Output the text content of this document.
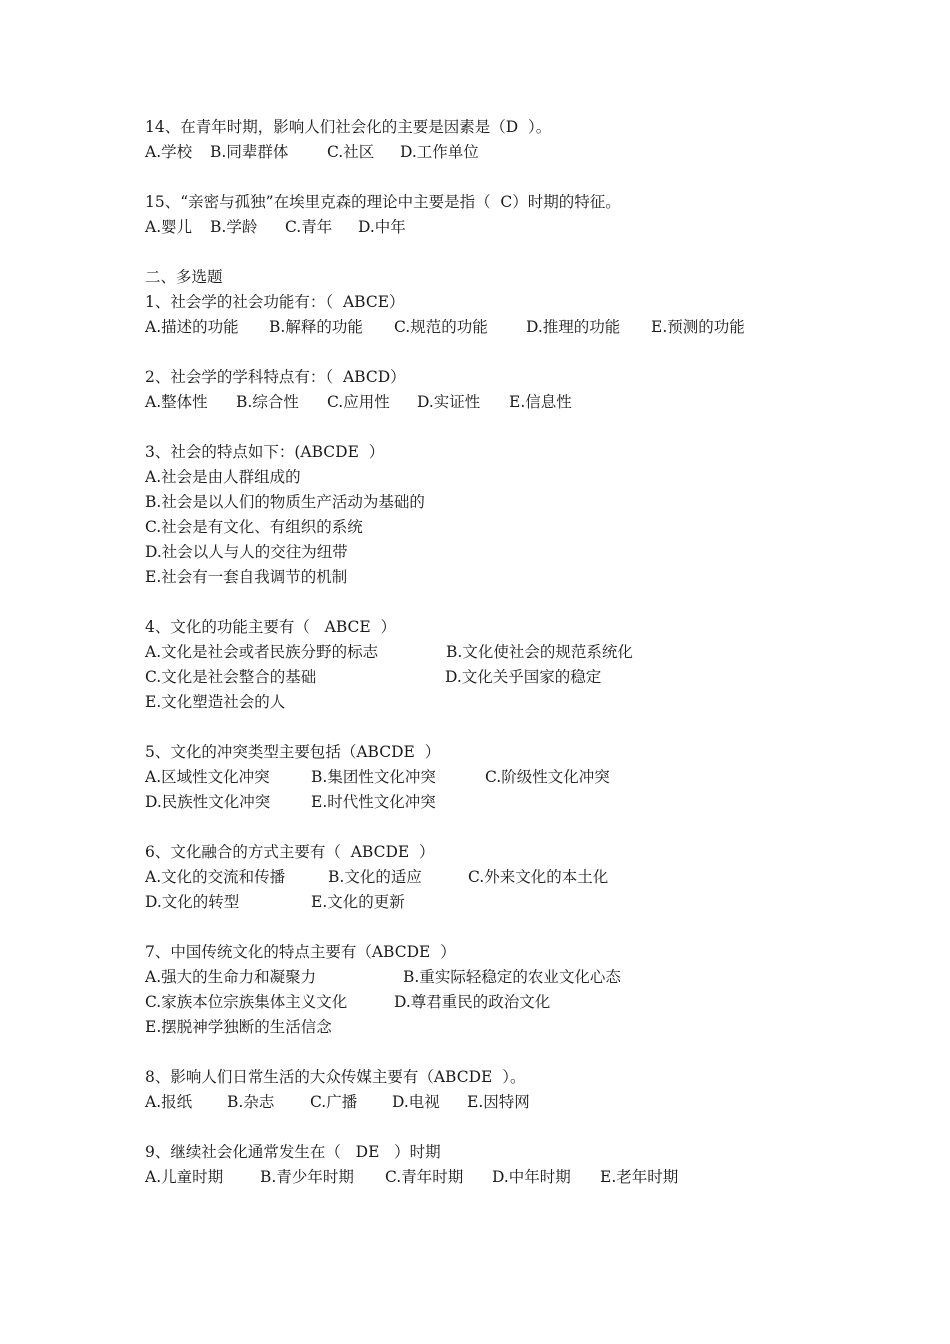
14、在青年时期，影响人们社会化的主要是因素是（D  ）。

A.学校

B.同辈群体

C.社区

D.工作单位

15、“亲密与孤独”在埃里克森的理论中主要是指（  C）时期的特征。

A.婴儿

B.学龄

C.青年

D.中年

二、多选题
1、社会学的社会功能有：（  ABCE）

A.描述的功能

B.解释的功能

C.规范的功能

D.推理的功能

E.预测的功能

2、社会学的学科特点有：（  ABCD）

A.整体性

B.综合性

C.应用性

D.实证性

E.信息性

3、社会的特点如下：(ABCDE  ）
A.社会是由人群组成的
B.社会是以人们的物质生产活动为基础的
C.社会是有文化、有组织的系统
D.社会以人与人的交往为纽带
E.社会有一套自我调节的机制
4、文化的功能主要有（   ABCE  ）

A.文化是社会或者民族分野的标志

	B.文化使社会的规范系统化

C.文化是社会整合的基础

	D.文化关乎国家的稳定

E.文化塑造社会的人
5、文化的冲突类型主要包括（ABCDE  ）

A.区域性文化冲突

	B.集团性文化冲突

	C.阶级性文化冲突

D.民族性文化冲突

	E.时代性文化冲突

6、文化融合的方式主要有（  ABCDE  ）

A.文化的交流和传播

	B.文化的适应

	C.外来文化的本土化

D.文化的转型

	E.文化的更新

7、中国传统文化的特点主要有（ABCDE  ）

A.强大的生命力和凝聚力

	B.重实际轻稳定的农业文化心态

C.家族本位宗族集体主义文化

	D.尊君重民的政治文化

E.摆脱神学独断的生活信念
8、影响人们日常生活的大众传媒主要有（ABCDE  ）。

A.报纸

B.杂志

C.广播

D.电视

E.因特网

9、继续社会化通常发生在（   DE   ）时期

A.儿童时期

B.青少年时期

C.青年时期

D.中年时期

E.老年时期
